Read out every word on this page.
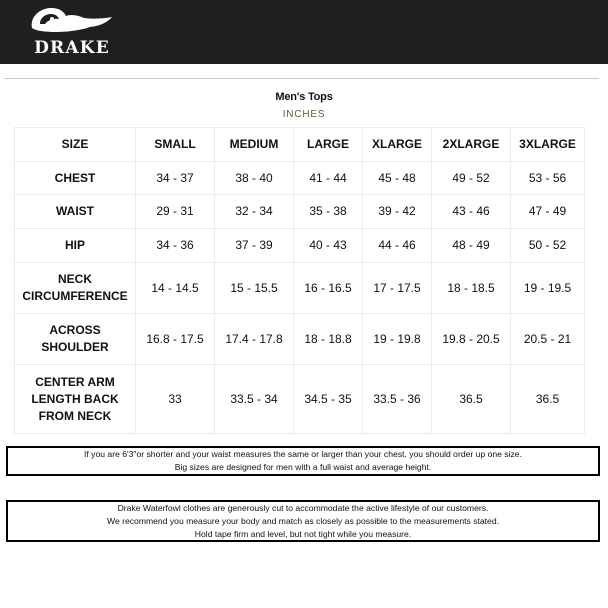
DRAKE
Men's Tops
INCHES
SIZE	SMALL	MEDIUM	LARGE	XLARGE	2XLARGE	3XLARGE
CHEST	34 - 37	38 - 40	41 - 44	45 - 48	49 - 52	53 - 56
WAIST	29 - 31	32 - 34	35 - 38	39 - 42	43 - 46	47 - 49
HIP	34 - 36	37 - 39	40 - 43	44 - 46	48 - 49	50 - 52
NECK
CIRCUMFERENCE	14 - 14.5	15 - 15.5	16 - 16.5	17 - 17.5	18 - 18.5	19 - 19.5
ACROSS
SHOULDER	16.8 - 17.5	17.4 - 17.8	18 - 18.8	19 - 19.8	19.8 - 20.5	20.5 - 21
CENTER ARM
LENGTH BACK
FROM NECK	33	33.5 - 34	34.5 - 35	33.5 - 36	36.5	36.5
If you are 6'3"or shorter and your waist measures the same or larger than your chest, you should order up one size.
Big sizes are designed for men with a full waist and average height.
Drake Waterfowl clothes are generously cut to accommodate the active lifestyle of our customers.
We recommend you measure your body and match as closely as possible to the measurements stated.
Hold tape firm and level, but not tight while you measure.
